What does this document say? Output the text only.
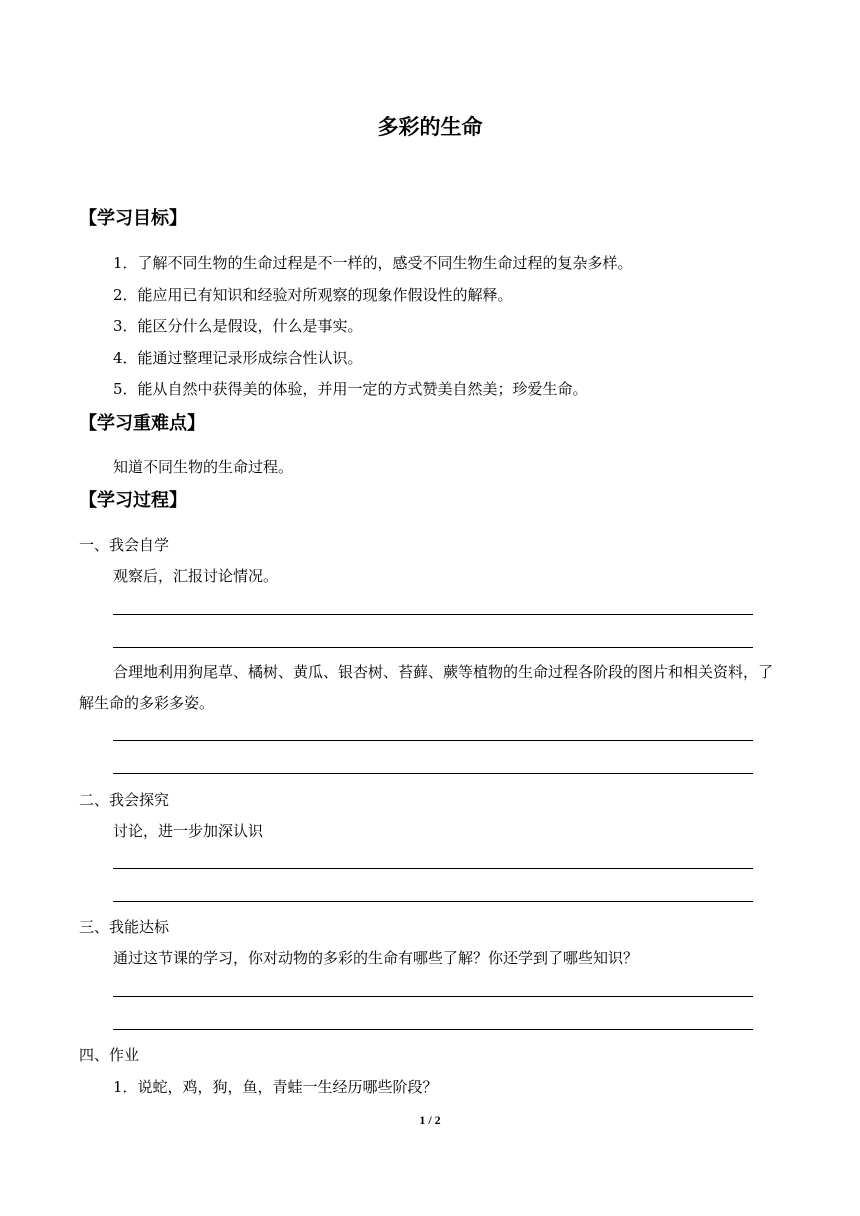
多彩的生命
【学习目标】
1．了解不同生物的生命过程是不一样的，感受不同生物生命过程的复杂多样。
2．能应用已有知识和经验对所观察的现象作假设性的解释。
3．能区分什么是假设，什么是事实。
4．能通过整理记录形成综合性认识。
5．能从自然中获得美的体验，并用一定的方式赞美自然美；珍爱生命。
【学习重难点】
知道不同生物的生命过程。
【学习过程】
一、我会自学
观察后，汇报讨论情况。
合理地利用狗尾草、橘树、黄瓜、银杏树、苔藓、蕨等植物的生命过程各阶段的图片和相关资料，了解生命的多彩多姿。
二、我会探究
讨论，进一步加深认识
三、我能达标
通过这节课的学习，你对动物的多彩的生命有哪些了解？你还学到了哪些知识？
四、作业
1．说蛇，鸡，狗，鱼，青蛙一生经历哪些阶段？
1 / 2
